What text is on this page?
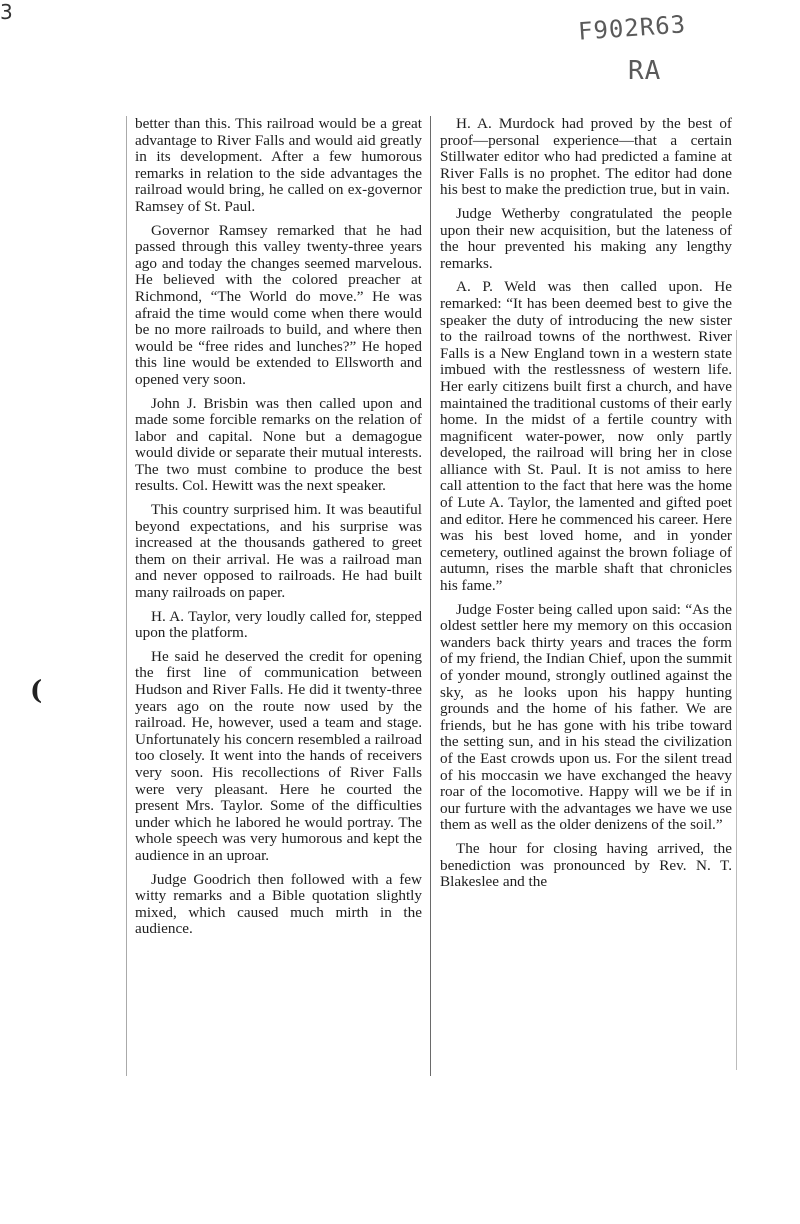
F902R63
RA
3
(

better than this. This railroad would be a great advantage to River Falls and would aid greatly in its development. After a few humorous remarks in relation to the side advantages the railroad would bring, he called on ex-governor Ramsey of St. Paul.

Governor Ramsey remarked that he had passed through this valley twenty-three years ago and today the changes seemed marvelous. He believed with the colored preacher at Richmond, “The World do move.” He was afraid the time would come when there would be no more railroads to build, and where then would be “free rides and lunches?” He hoped this line would be extended to Ellsworth and opened very soon.

John J. Brisbin was then called upon and made some forcible remarks on the relation of labor and capital. None but a demagogue would divide or separate their mutual interests. The two must combine to produce the best results. Col. Hewitt was the next speaker.

This country surprised him. It was beautiful beyond expectations, and his surprise was increased at the thousands gathered to greet them on their arrival. He was a railroad man and never opposed to railroads. He had built many railroads on paper.

H. A. Taylor, very loudly called for, stepped upon the platform.

He said he deserved the credit for opening the first line of communication between Hudson and River Falls. He did it twenty-three years ago on the route now used by the railroad. He, however, used a team and stage. Unfortunately his concern resembled a railroad too closely. It went into the hands of receivers very soon. His recollections of River Falls were very pleasant. Here he courted the present Mrs. Taylor. Some of the difficulties under which he labored he would portray. The whole speech was very humorous and kept the audience in an uproar.

Judge Goodrich then followed with a few witty remarks and a Bible quotation slightly mixed, which caused much mirth in the audience.

H. A. Murdock had proved by the best of proof—personal experience—that a certain Stillwater editor who had predicted a famine at River Falls is no prophet. The editor had done his best to make the prediction true, but in vain.

Judge Wetherby congratulated the people upon their new acquisition, but the lateness of the hour prevented his making any lengthy remarks.

A. P. Weld was then called upon. He remarked: “It has been deemed best to give the speaker the duty of introducing the new sister to the railroad towns of the northwest. River Falls is a New England town in a western state imbued with the restlessness of western life. Her early citizens built first a church, and have maintained the traditional customs of their early home. In the midst of a fertile country with magnificent water-power, now only partly developed, the railroad will bring her in close alliance with St. Paul. It is not amiss to here call attention to the fact that here was the home of Lute A. Taylor, the lamented and gifted poet and editor. Here he commenced his career. Here was his best loved home, and in yonder cemetery, outlined against the brown foliage of autumn, rises the marble shaft that chronicles his fame.”

Judge Foster being called upon said: “As the oldest settler here my memory on this occasion wanders back thirty years and traces the form of my friend, the Indian Chief, upon the summit of yonder mound, strongly outlined against the sky, as he looks upon his happy hunting grounds and the home of his father. We are friends, but he has gone with his tribe toward the setting sun, and in his stead the civilization of the East crowds upon us. For the silent tread of his moccasin we have exchanged the heavy roar of the locomotive. Happy will we be if in our furture with the advantages we have we use them as well as the older denizens of the soil.”

The hour for closing having arrived, the benediction was pronounced by Rev. N. T. Blakeslee and the
